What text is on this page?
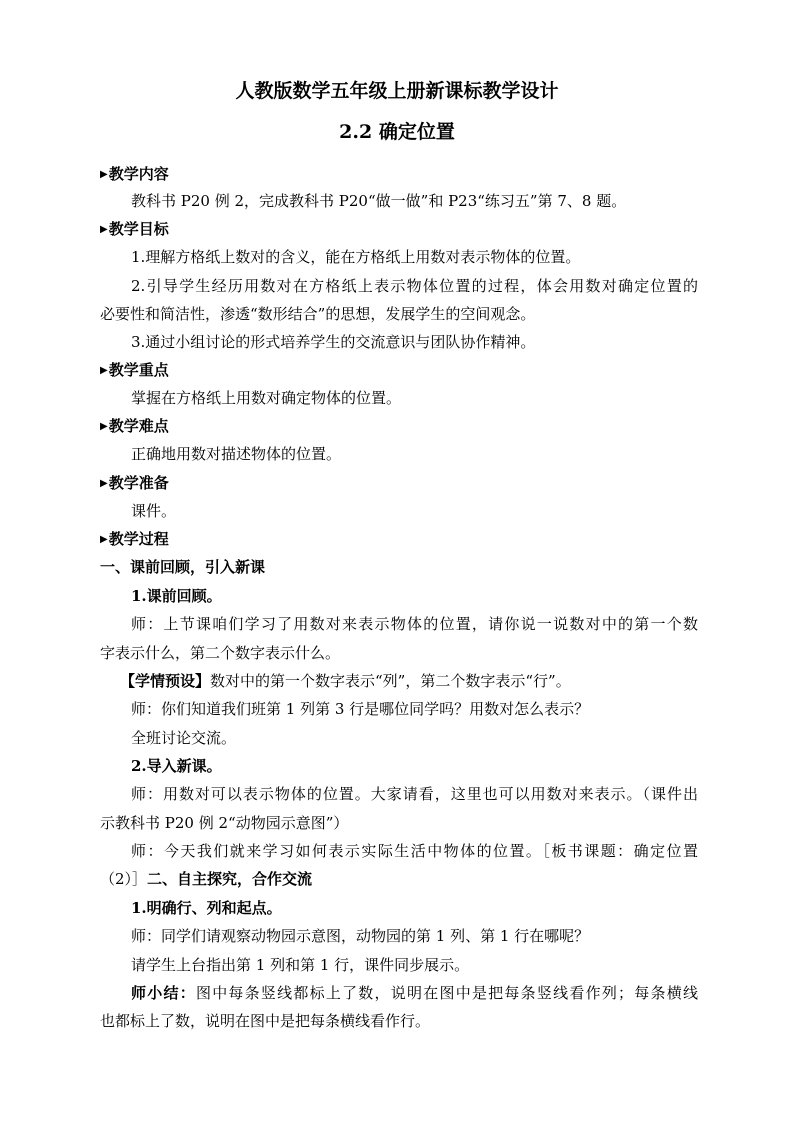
人教版数学五年级上册新课标教学设计
2.2 确定位置
▶教学内容
教科书 P20 例 2，完成教科书 P20“做一做”和 P23“练习五”第 7、8 题。
▶教学目标
1.理解方格纸上数对的含义，能在方格纸上用数对表示物体的位置。
2.引导学生经历用数对在方格纸上表示物体位置的过程，体会用数对确定位置的
必要性和简洁性，渗透“数形结合”的思想，发展学生的空间观念。
3.通过小组讨论的形式培养学生的交流意识与团队协作精神。
▶教学重点
掌握在方格纸上用数对确定物体的位置。
▶教学难点
正确地用数对描述物体的位置。
▶教学准备
课件。
▶教学过程
一、课前回顾，引入新课
1.课前回顾。
师：上节课咱们学习了用数对来表示物体的位置，请你说一说数对中的第一个数
字表示什么，第二个数字表示什么。
【学情预设】数对中的第一个数字表示“列”，第二个数字表示“行”。
师：你们知道我们班第 1 列第 3 行是哪位同学吗？用数对怎么表示？
全班讨论交流。
2.导入新课。
师：用数对可以表示物体的位置。大家请看，这里也可以用数对来表示。（课件出
示教科书 P20 例 2“动物园示意图”）
师：今天我们就来学习如何表示实际生活中物体的位置。［板书课题：确定位置
（2）］二、自主探究，合作交流
1.明确行、列和起点。
师：同学们请观察动物园示意图，动物园的第 1 列、第 1 行在哪呢？
请学生上台指出第 1 列和第 1 行，课件同步展示。
师小结：图中每条竖线都标上了数，说明在图中是把每条竖线看作列；每条横线
也都标上了数，说明在图中是把每条横线看作行。
